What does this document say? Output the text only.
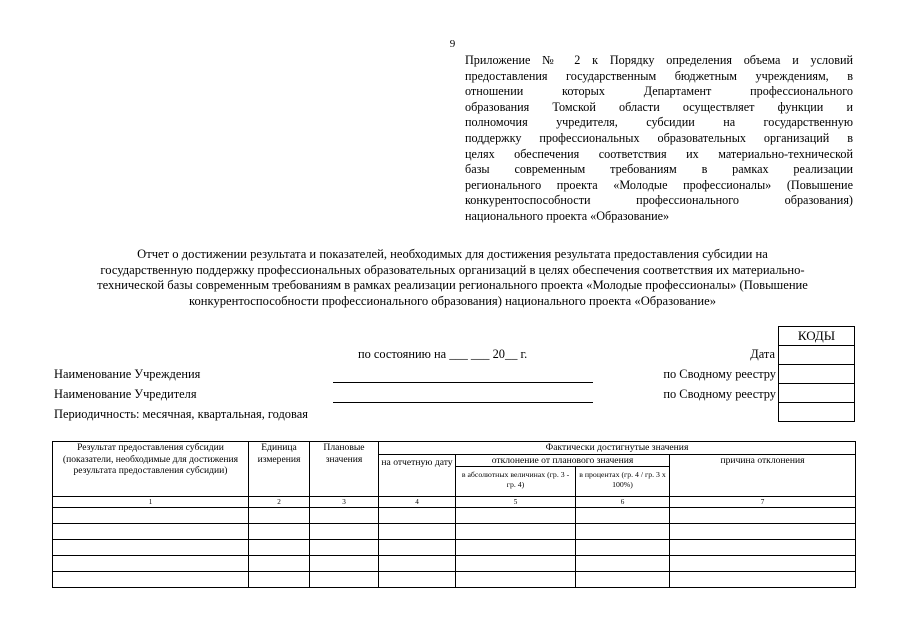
9
Приложение № 2 к Порядку определения объема и условий
предоставления государственным бюджетным учреждениям, в
отношении которых Департамент профессионального
образования Томской области осуществляет функции и
полномочия учредителя, субсидии на государственную
поддержку профессиональных образовательных организаций в
целях обеспечения соответствия их материально-технической
базы современным требованиям в рамках реализации
регионального проекта «Молодые профессионалы» (Повышение
конкурентоспособности профессионального образования)
национального проекта «Образование»
Отчет о достижении результата и показателей, необходимых для достижения результата предоставления субсидии на
государственную поддержку профессиональных образовательных организаций в целях обеспечения соответствия их материально-
технической базы современным требованиям в рамках реализации регионального проекта «Молодые профессионалы» (Повышение
конкурентоспособности профессионального образования) национального проекта «Образование»
КОДЫ

по состоянию на ___ ___ 20__ г.	Дата
Наименование Учреждения	по Сводному реестру
Наименование Учредителя	по Сводному реестру
Периодичность: месячная, квартальная, годовая
Результат предоставления субсидии (показатели, необходимые для достижения результата предоставления субсидии)	Единица измерения	Плановые значения	Фактически достигнутые значения			
			на отчетную дату	отклонение от планового значения		причина отклонения
				в абсолютных величинах (гр. 3 - гр. 4)	в процентах (гр. 4 / гр. 3 x 100%)	
1	2	3	4	5	6	7
